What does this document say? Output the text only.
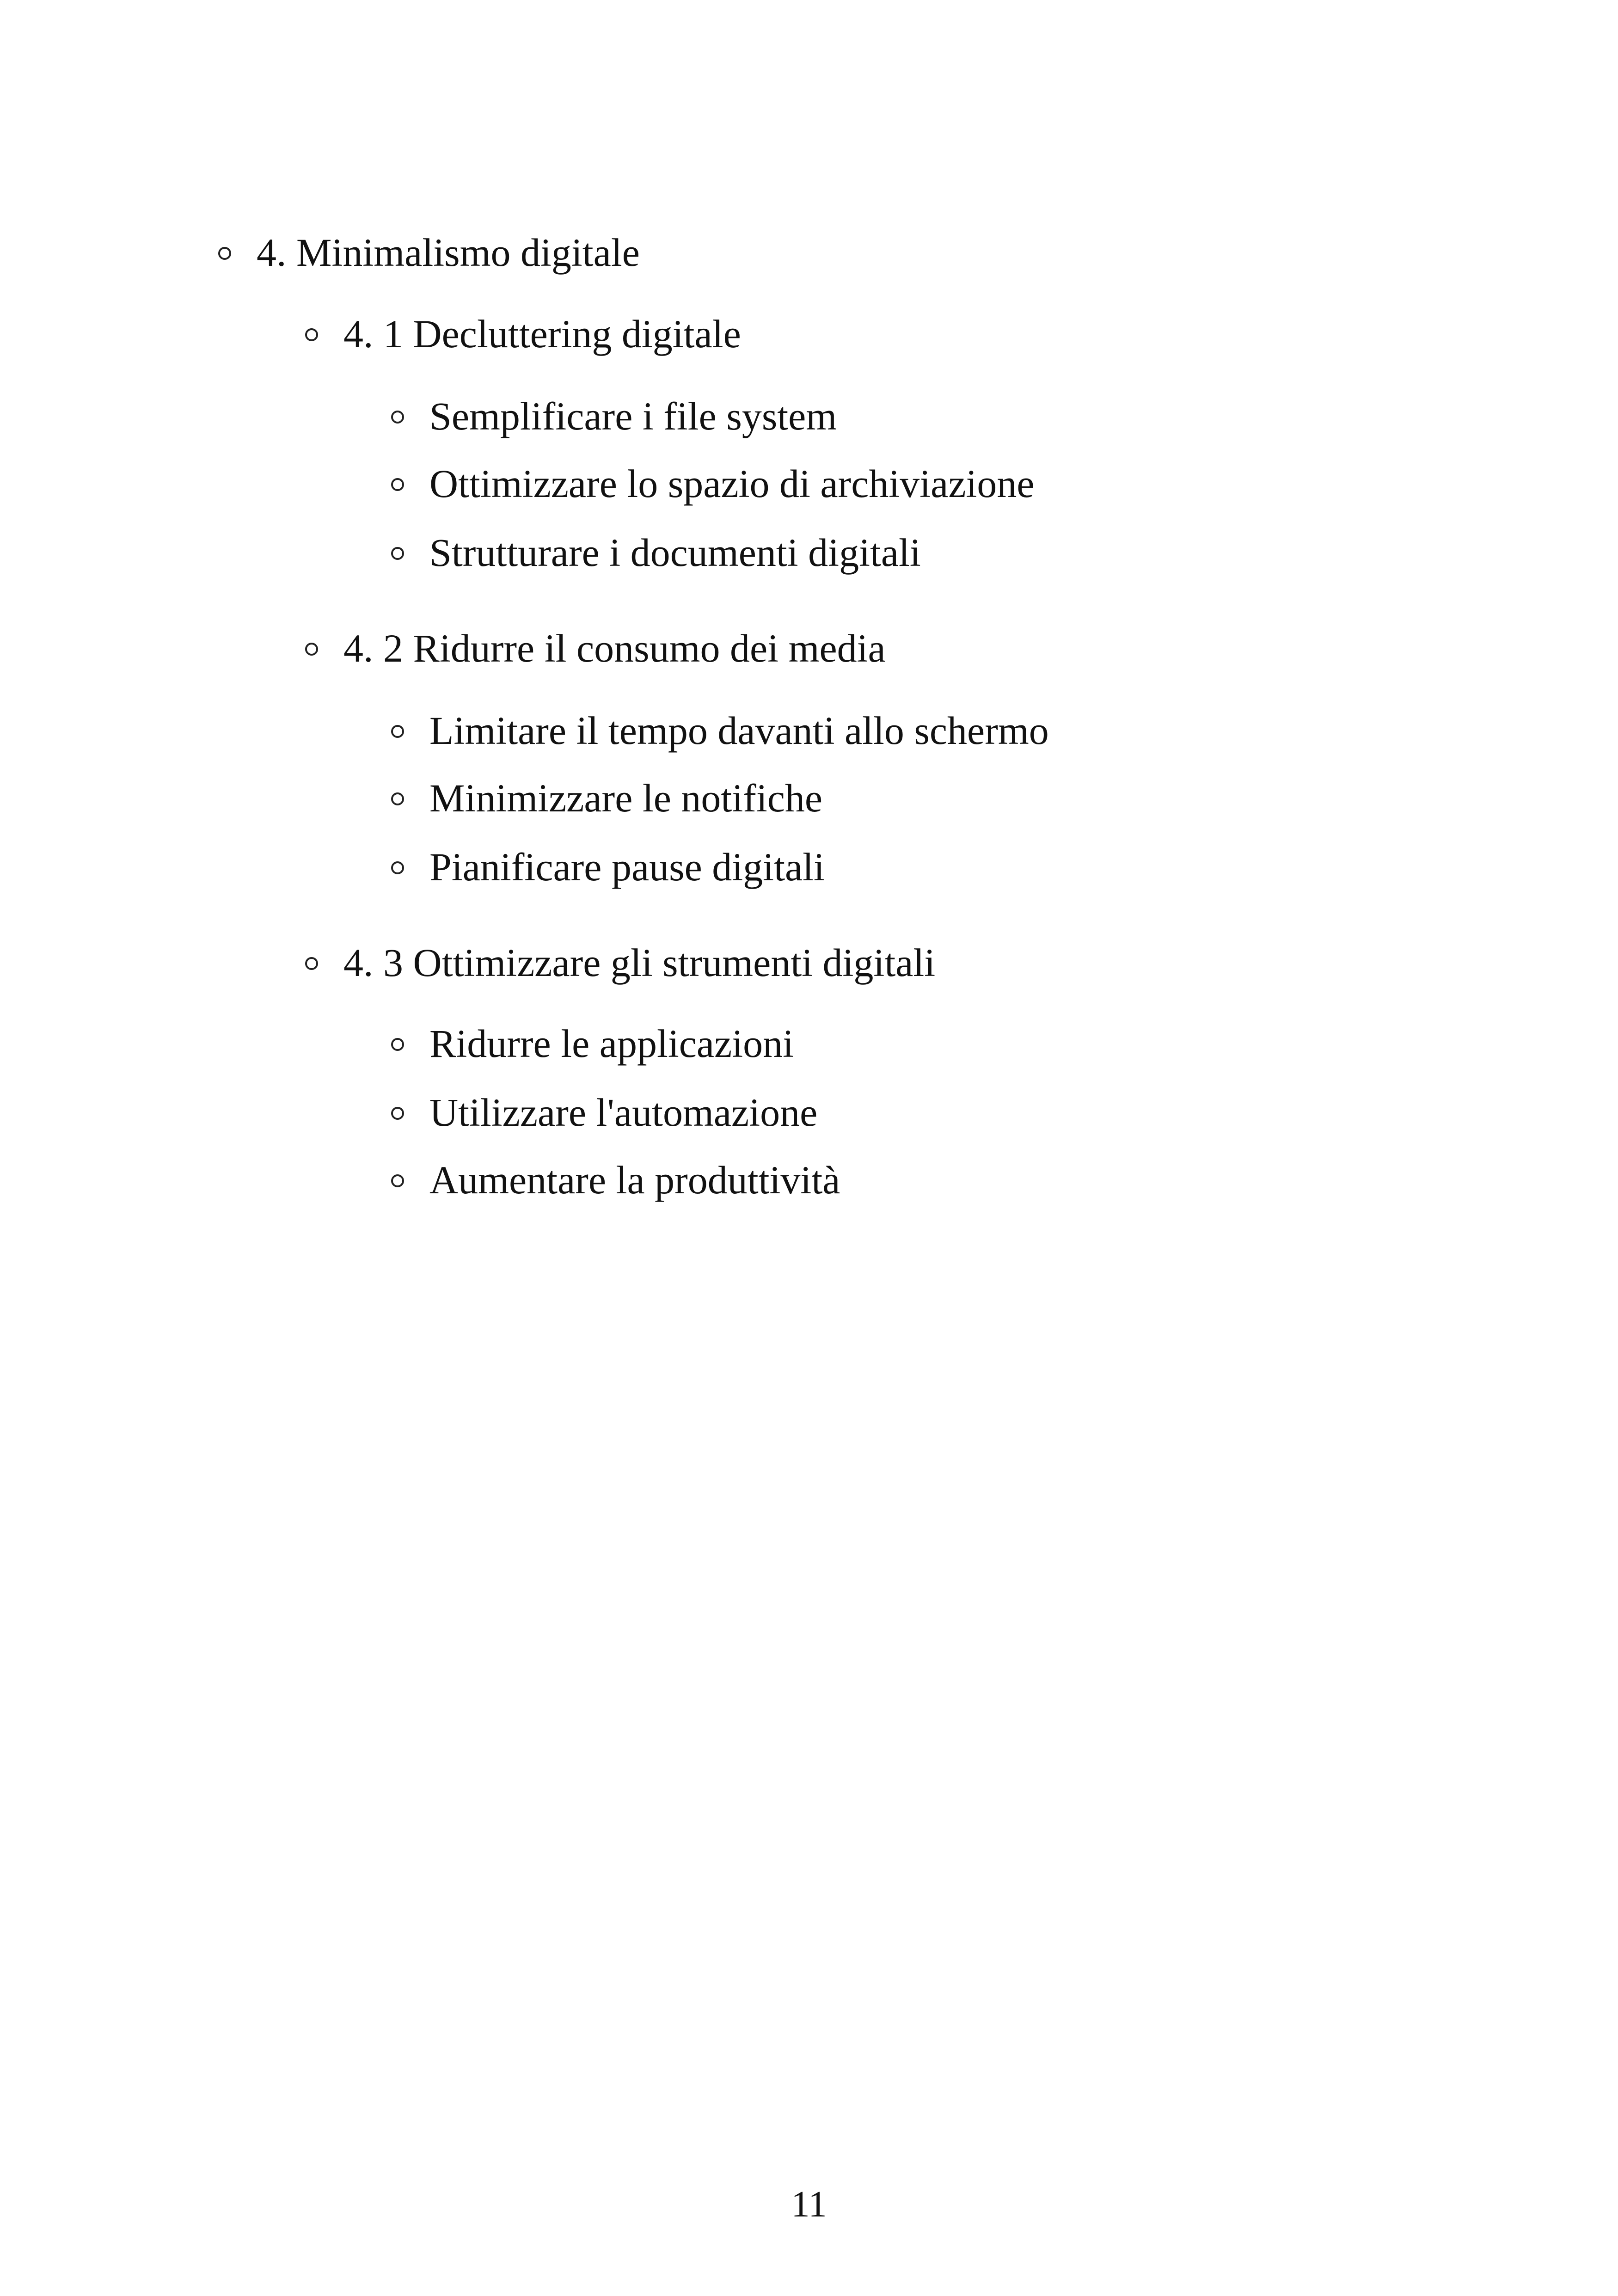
4. Minimalismo digitale
4. 1 Decluttering digitale
Semplificare i file system
Ottimizzare lo spazio di archiviazione
Strutturare i documenti digitali
4. 2 Ridurre il consumo dei media
Limitare il tempo davanti allo schermo
Minimizzare le notifiche
Pianificare pause digitali
4. 3 Ottimizzare gli strumenti digitali
Ridurre le applicazioni
Utilizzare l'automazione
Aumentare la produttività
11
